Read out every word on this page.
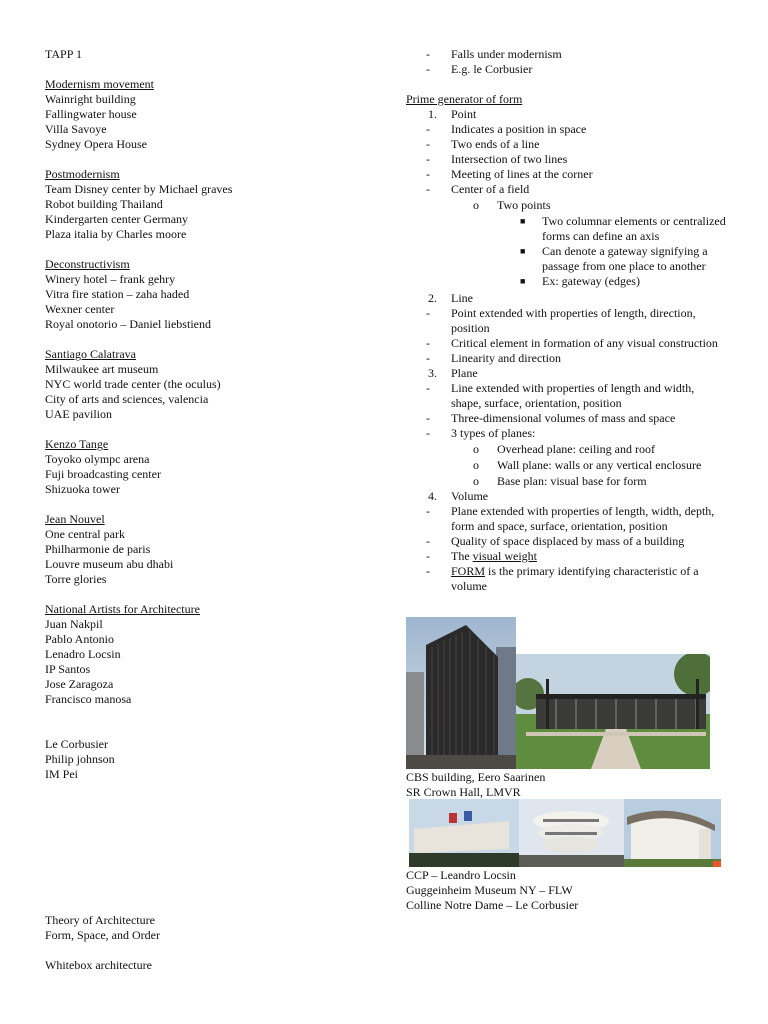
TAPP 1
Modernism movement
Wainright building
Fallingwater house
Villa Savoye
Sydney Opera House
Postmodernism
Team Disney center by Michael graves
Robot building Thailand
Kindergarten center Germany
Plaza italia by Charles moore
Deconstructivism
Winery hotel – frank gehry
Vitra fire station – zaha haded
Wexner center
Royal onotorio – Daniel liebstiend
Santiago Calatrava
Milwaukee art museum
NYC world trade center (the oculus)
City of arts and sciences, valencia
UAE pavilion
Kenzo Tange
Toyoko olympc arena
Fuji broadcasting center
Shizuoka tower
Jean Nouvel
One central park
Philharmonie de paris
Louvre museum abu dhabi
Torre glories
National Artists for Architecture
Juan Nakpil
Pablo Antonio
Lenadro Locsin
IP Santos
Jose Zaragoza
Francisco manosa
Le Corbusier
Philip johnson
IM Pei
Theory of Architecture
Form, Space, and Order
Whitebox architecture
- Falls under modernism
- E.g. le Corbusier
Prime generator of form
1. Point
- Indicates a position in space
- Two ends of a line
- Intersection of two lines
- Meeting of lines at the corner
- Center of a field
o Two points
■ Two columnar elements or centralized forms can define an axis
■ Can denote a gateway signifying a passage from one place to another
■ Ex: gateway (edges)
2. Line
- Point extended with properties of length, direction, position
- Critical element in formation of any visual construction
- Linearity and direction
3. Plane
- Line extended with properties of length and width, shape, surface, orientation, position
- Three-dimensional volumes of mass and space
- 3 types of planes:
o Overhead plane: ceiling and roof
o Wall plane: walls or any vertical enclosure
o Base plan: visual base for form
4. Volume
- Plane extended with properties of length, width, depth, form and space, surface, orientation, position
- Quality of space displaced by mass of a building
- The visual weight
- FORM is the primary identifying characteristic of a volume
CBS building, Eero Saarinen
SR Crown Hall, LMVR
CCP – Leandro Locsin
Guggeinheim Museum NY – FLW
Colline Notre Dame – Le Corbusier
